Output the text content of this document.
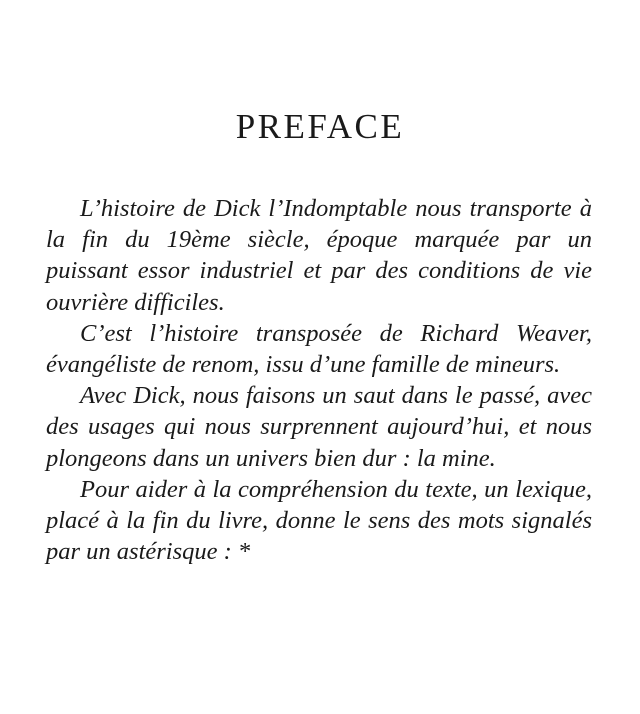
PREFACE

L’histoire de Dick l’Indomptable nous transporte à la fin du 19ème siècle, époque marquée par un puissant essor industriel et par des conditions de vie ouvrière difficiles.

C’est l’histoire transposée de Richard Weaver, évangéliste de renom, issu d’une famille de mineurs.

Avec Dick, nous faisons un saut dans le passé, avec des usages qui nous surprennent aujourd’hui, et nous plongeons dans un univers bien dur : la mine.

Pour aider à la compréhension du texte, un lexique, placé à la fin du livre, donne le sens des mots signalés par un astérisque : *
